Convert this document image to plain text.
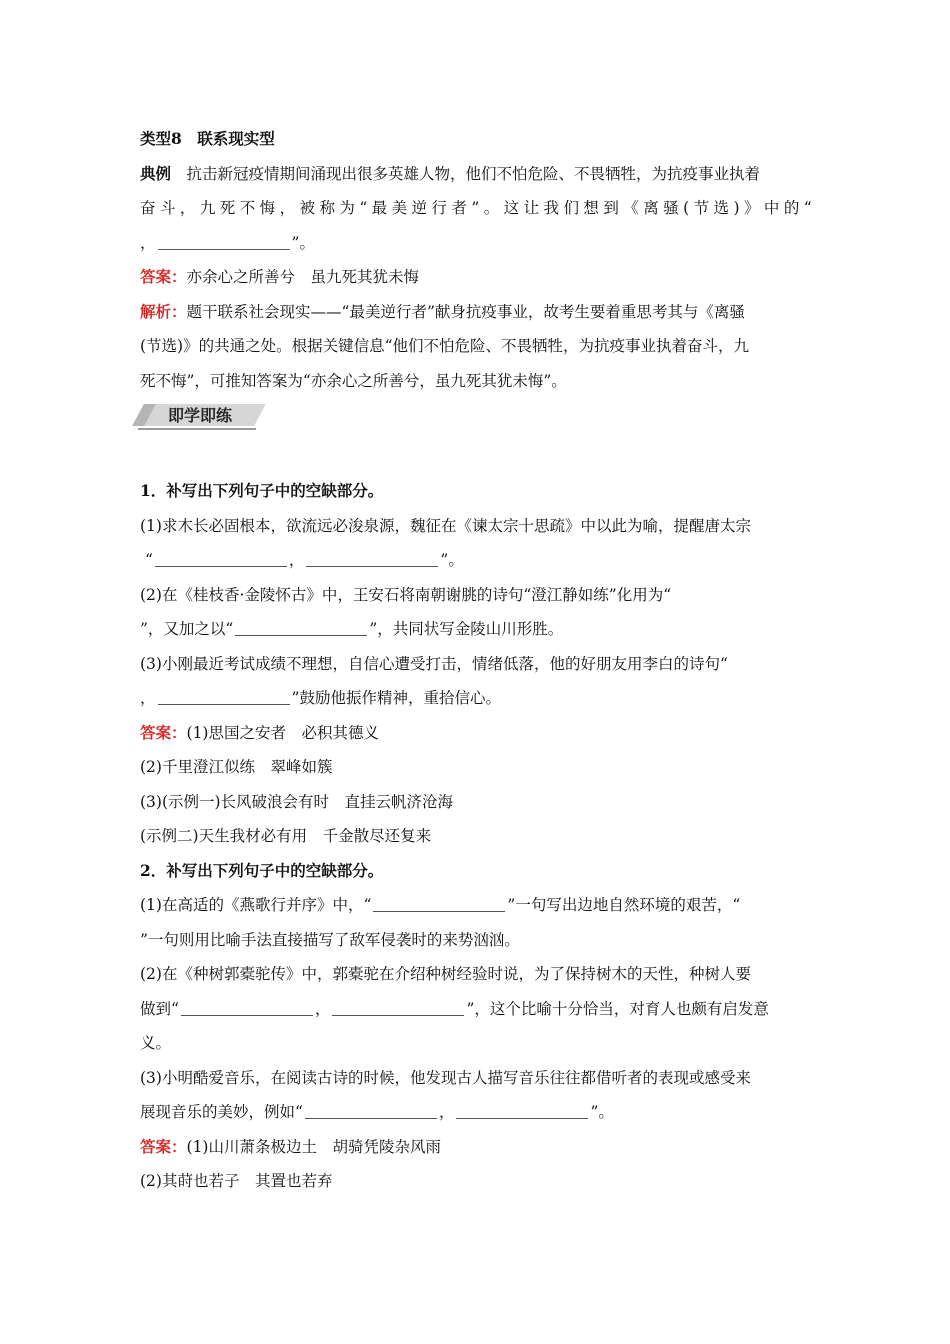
类型8　联系现实型
典例　 抗击新冠疫情期间涌现出很多英雄人物，他们不怕危险、不畏牺牲，为抗疫事业执着
奋 斗 ， 九 死 不 悔 ， 被 称 为 “ 最 美 逆 行 者 ” 。 这 让 我 们 想 到 《 离 骚 ( 节 选 ) 》 中 的 “
，	”。
答案：亦余心之所善兮　虽九死其犹未悔
解析：题干联系社会现实——“最美逆行者”献身抗疫事业，故考生要着重思考其与《离骚
(节选)》的共通之处。根据关键信息“他们不怕危险、不畏牺牲，为抗疫事业执着奋斗，九
死不悔”，可推知答案为“亦余心之所善兮，虽九死其犹未悔”。
即学即练
1．补写出下列句子中的空缺部分。
(1)求木长必固根本，欲流远必浚泉源，魏征在《谏太宗十思疏》中以此为喻，提醒唐太宗
“	，	”。
(2)在《桂枝香·金陵怀古》中，王安石将南朝谢朓的诗句“澄江静如练”化用为“
”，又加之以“	”，共同状写金陵山川形胜。
(3)小刚最近考试成绩不理想，自信心遭受打击，情绪低落，他的好朋友用李白的诗句“
，	”鼓励他振作精神，重拾信心。
答案：(1)思国之安者　必积其德义
(2)千里澄江似练　翠峰如簇
(3)(示例一)长风破浪会有时　直挂云帆济沧海
(示例二)天生我材必有用　千金散尽还复来
2．补写出下列句子中的空缺部分。
(1)在高适的《燕歌行并序》中，“	”一句写出边地自然环境的艰苦，“
”一句则用比喻手法直接描写了敌军侵袭时的来势汹汹。
(2)在《种树郭橐驼传》中，郭橐驼在介绍种树经验时说，为了保持树木的天性，种树人要
做到“	，	”，这个比喻十分恰当，对育人也颇有启发意
义。
(3)小明酷爱音乐，在阅读古诗的时候，他发现古人描写音乐往往都借听者的表现或感受来
展现音乐的美妙，例如“	，	”。
答案：(1)山川萧条极边土　胡骑凭陵杂风雨
(2)其莳也若子　其置也若弃
